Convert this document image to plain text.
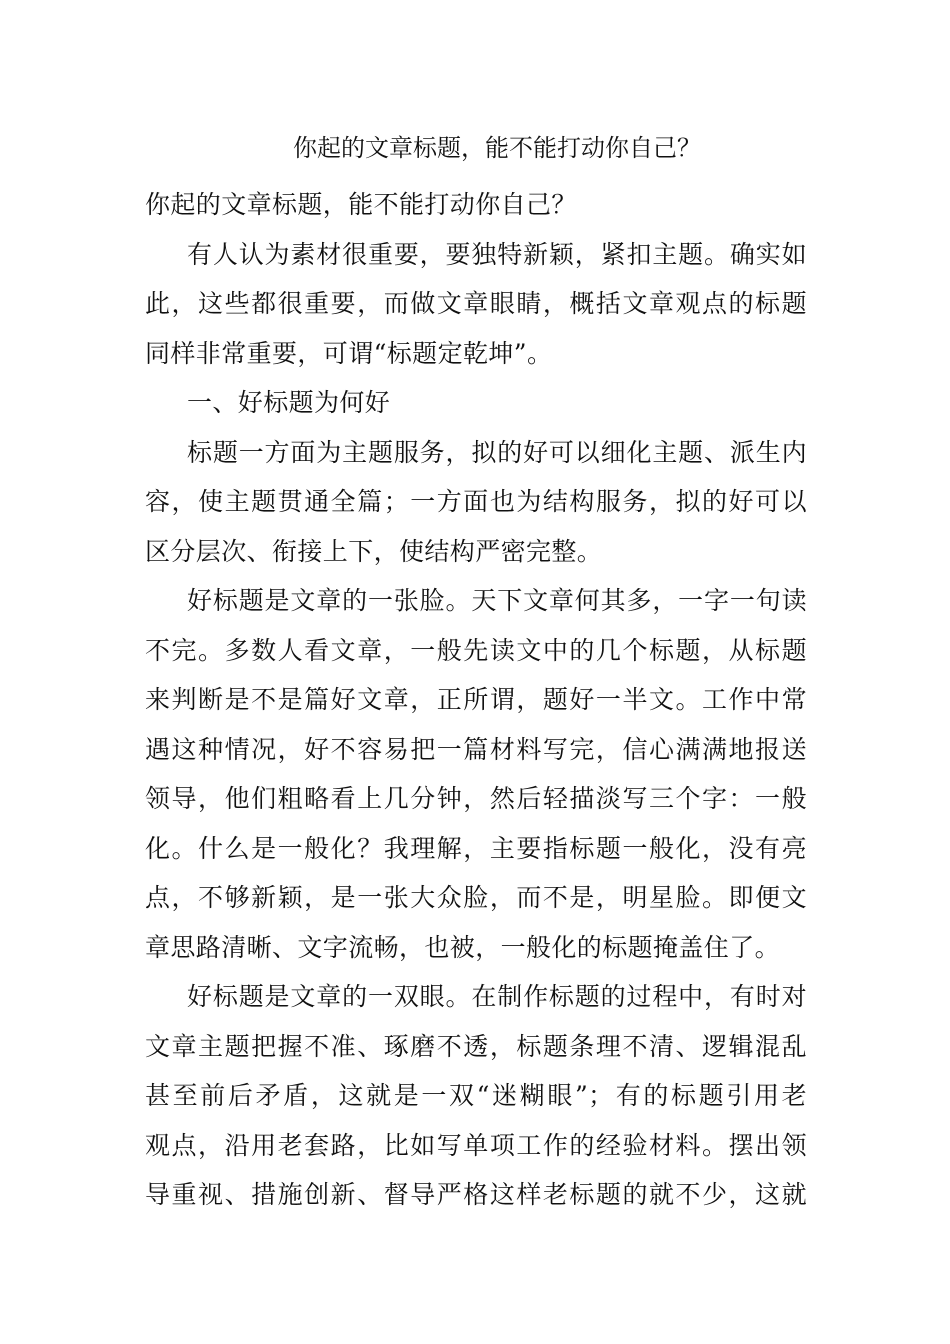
你起的文章标题，能不能打动你自己？
你起的文章标题，能不能打动你自己？
有人认为素材很重要，要独特新颖，紧扣主题。确实如
此，这些都很重要，而做文章眼睛，概括文章观点的标题
同样非常重要，可谓“标题定乾坤”。
一、好标题为何好
标题一方面为主题服务，拟的好可以细化主题、派生内
容，使主题贯通全篇；一方面也为结构服务，拟的好可以
区分层次、衔接上下，使结构严密完整。
好标题是文章的一张脸。天下文章何其多，一字一句读
不完。多数人看文章，一般先读文中的几个标题，从标题
来判断是不是篇好文章，正所谓，题好一半文。工作中常
遇这种情况，好不容易把一篇材料写完，信心满满地报送
领导，他们粗略看上几分钟，然后轻描淡写三个字：一般
化。什么是一般化？我理解，主要指标题一般化，没有亮
点，不够新颖，是一张大众脸，而不是，明星脸。即便文
章思路清晰、文字流畅，也被，一般化的标题掩盖住了。
好标题是文章的一双眼。在制作标题的过程中，有时对
文章主题把握不准、琢磨不透，标题条理不清、逻辑混乱
甚至前后矛盾，这就是一双“迷糊眼”；有的标题引用老
观点，沿用老套路，比如写单项工作的经验材料。摆出领
导重视、措施创新、督导严格这样老标题的就不少，这就
